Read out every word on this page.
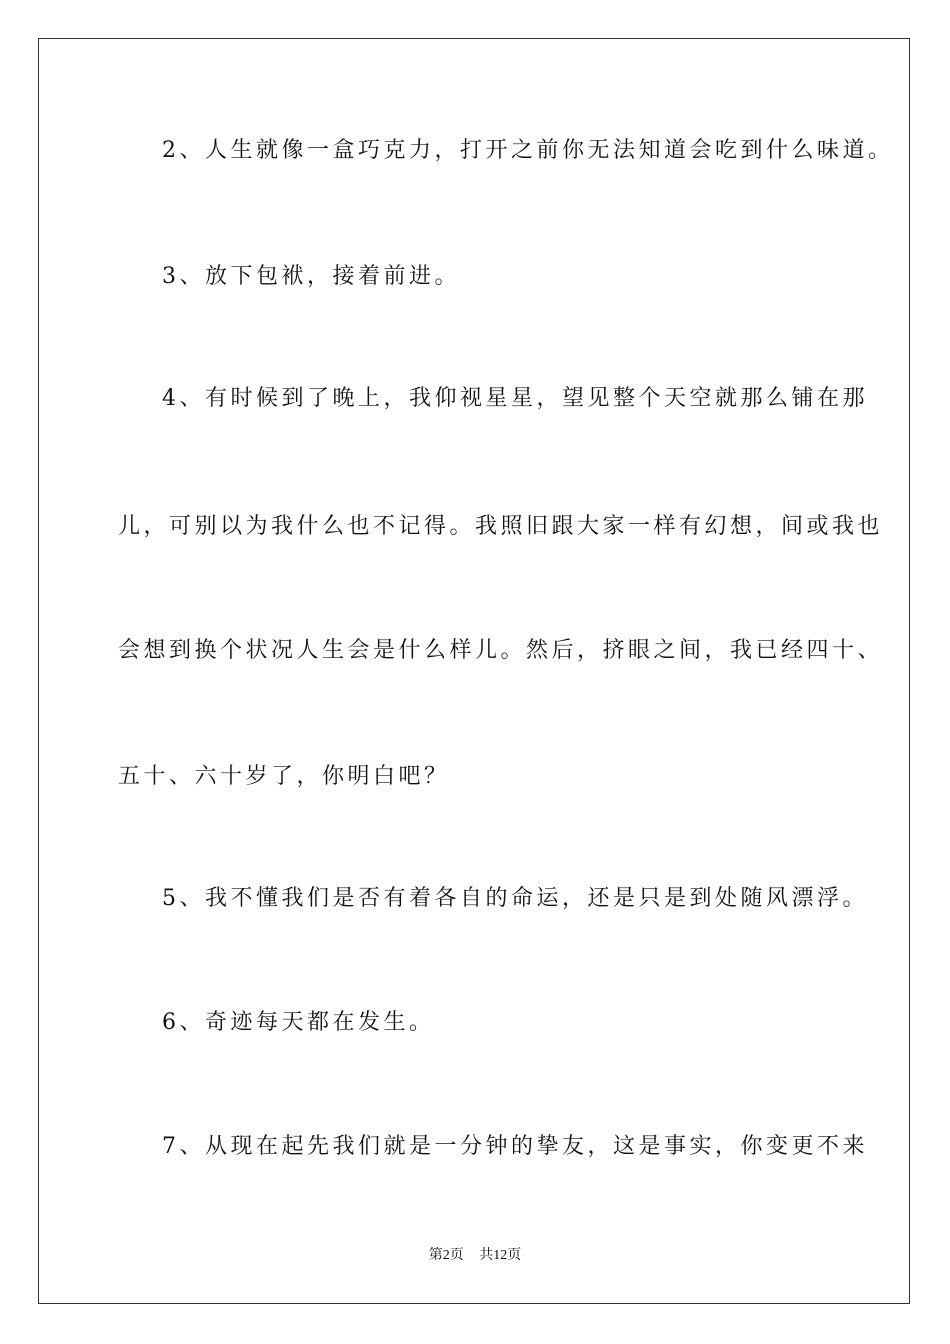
2、人生就像一盒巧克力，打开之前你无法知道会吃到什么味道。
3、放下包袱，接着前进。
4、有时候到了晚上，我仰视星星，望见整个天空就那么铺在那
儿，可别以为我什么也不记得。我照旧跟大家一样有幻想，间或我也
会想到换个状况人生会是什么样儿。然后，挤眼之间，我已经四十、
五十、六十岁了，你明白吧？
5、我不懂我们是否有着各自的命运，还是只是到处随风漂浮。
6、奇迹每天都在发生。
7、从现在起先我们就是一分钟的挚友，这是事实，你变更不来
第2页 共12页
